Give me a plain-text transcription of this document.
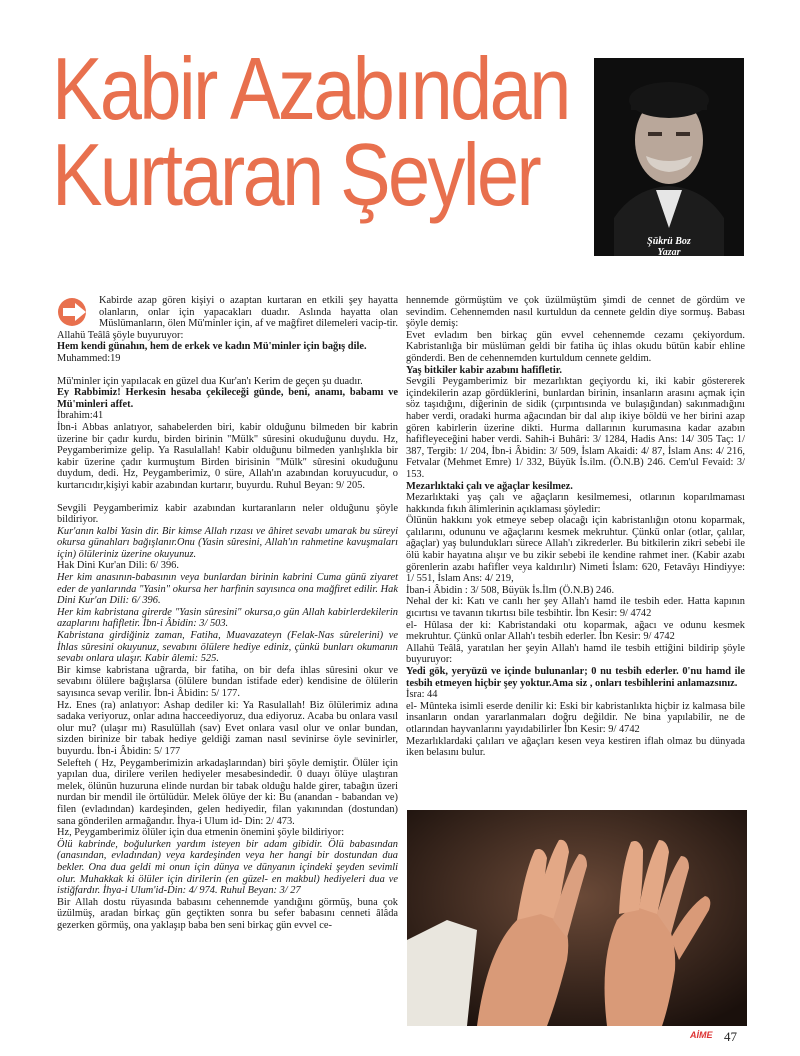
Kabir Azabından
Kurtaran Şeyler
Şükrü Boz
Yazar

Kabirde azap gören kişiyi o azaptan kurtaran en etkili şey hayatta olanların, onlar için yapacakları duadır. Aslında hayatta olan Müslümanların, ölen Mü'minler için, af ve mağfiret dilemeleri vacip-tir. Allahü Teâlâ şöyle buyuruyor:

Hem kendi günahın, hem de erkek ve kadın Mü'minler için bağış dile.

Muhammed:19

Mü'minler için yapılacak en güzel dua Kur'an'ı Kerim de geçen şu duadır.

Ey Rabbimiz! Herkesin hesaba çekileceği günde, beni, anamı, babamı ve Mü'minleri affet.

İbrahim:41

İbn-i Abbas anlatıyor, sahabelerden biri, kabir olduğunu bilmeden bir kabrin üzerine bir çadır kurdu, birden birinin "Mülk" sûresini okuduğunu duydu. Hz, Peygamberimize gelip. Ya Rasulallah! Kabir olduğunu bilmeden yanlışlıkla bir kabir üzerine çadır kurmuştum Birden birisinin "Mülk" sûresini okuduğunu duydum, dedi. Hz, Peygamberimiz, 0 süre, Allah'ın azabından koruyucudur, o kurtarıcıdır,kişiyi kabir azabından kurtarır, buyurdu. Ruhul Beyan: 9/ 205.

Sevgili Peygamberimiz kabir azabından kurtaranların neler olduğunu şöyle bildiriyor.

Kur'anın kalbi Yasin dir. Bir kimse Allah rızası ve âhiret sevabı umarak bu süreyi okursa günahları bağışlanır.Onu (Yasin sûresini, Allah'ın rahmetine kavuşmaları için) ölüleriniz üzerine okuyunuz.

Hak Dini Kur'an Dili: 6/ 396.

Her kim anasının-babasının veya bunlardan birinin kabrini Cuma günü ziyaret eder de yanlarında "Yasin" okursa her harfinin sayısınca ona mağfiret edilir. Hak Dini Kur'an Dili: 6/ 396.

Her kim kabristana girerde "Yasin sûresini" okursa,o gün Allah kabirlerdekilerin azaplarını hafifletir. İbn-i Âbidin: 3/ 503.

Kabristana girdiğiniz zaman, Fatiha, Muavazateyn (Felak-Nas sûrelerini) ve İhlas sûresini okuyunuz, sevabını ölülere hediye ediniz, çünkü bunları okumanın sevabı onlara ulaşır. Kabir âlemi: 525.

Bir kimse kabristana uğrarda, bir fatiha, on bir defa ihlas sûresini okur ve sevabını ölülere bağışlarsa (ölülere bundan istifade eder) kendisine de ölülerin sayısınca sevap verilir. İbn-i Âbidin: 5/ 177.

Hz. Enes (ra) anlatıyor: Ashap dediler ki: Ya Rasulallah! Biz ölülerimiz adına sadaka veriyoruz, onlar adına hacceediyoruz, dua ediyoruz. Acaba bu onlara vasıl olur mu? (ulaşır mı) Rasulüllah (sav) Evet onlara vasıl olur ve onlar bundan, sizden birinize bir tabak hediye geldiği zaman nasıl sevinirse öyle sevinirler, buyurdu. İbn-i Âbidin: 5/ 177

Selefteh ( Hz, Peygamberimizin arkadaşlarından) biri şöyle demiştir. Ölüler için yapılan dua, dirilere verilen hediyeler mesabesindedir. 0 duayı ölüye ulaştıran melek, ölünün huzuruna elinde nurdan bir tabak olduğu halde girer, tabağın üzeri nurdan bir mendil ile örtülüdür. Melek ölüye der ki: Bu (anandan - babandan ve) filen (evladından) kardeşinden, gelen hediyedir, filan yakınından (dostundan) sana gönderilen armağandır. İhya-i Ulum id- Din: 2/ 473.

Hz, Peygamberimiz ölüler için dua etmenin önemini şöyle bildiriyor:

Ölü kabrinde, boğulurken yardım isteyen bir adam gibidir. Ölü babasından (anasından, evladından) veya kardeşinden veya her hangi bir dostundan dua bekler. Ona dua geldi mi onun için dünya ve dünyanın içindeki şeyden sevimli olur. Muhakkak ki ölüler için dirilerin (en güzel- en makbul) hediyeleri dua ve istiğfardır. İhya-i Ulum'id-Din: 4/ 974. Ruhul Beyan: 3/ 27

Bir Allah dostu rüyasında babasını cehennemde yandığını görmüş, buna çok üzülmüş, aradan birkaç gün geçtikten sonra bu sefer babasını cenneti âlâda gezerken görmüş, ona yaklaşıp baba ben seni birkaç gün evvel ce-

hennemde görmüştüm ve çok üzülmüştüm şimdi de cennet de gördüm ve sevindim. Cehennemden nasıl kurtuldun da cennete geldin diye sormuş. Babası şöyle demiş:

Evet evladım ben birkaç gün evvel cehennemde cezamı çekiyordum. Kabristanlığa bir müslüman geldi bir fatiha üç ihlas okudu bütün kabir ehline gönderdi. Ben de cehennemden kurtuldum cennete geldim.

Yaş bitkiler kabir azabını hafifletir.

Sevgili Peygamberimiz bir mezarlıktan geçiyordu ki, iki kabir göstererek içindekilerin azap gördüklerini, bunlardan birinin, insanların arasını açmak için söz taşıdığını, diğerinin de sidik (çırpıntısında ve bulaşığından) sakınmadığını haber verdi, oradaki hurma ağacından bir dal alıp ikiye böldü ve her birini azap gören kabirlerin üzerine dikti. Hurma dallarının kurumasına kadar azabın hafifleyeceğini haber verdi. Sahih-i Buhâri: 3/ 1284, Hadis Ans: 14/ 305 Taç: 1/ 387, Tergib: 1/ 204, İbn-i Âbidin: 3/ 509, İslam Akaidi: 4/ 87, İslam Ans: 4/ 216, Fetvalar (Mehmet Emre) 1/ 332, Büyük İs.ilm. (Ö.N.B) 246. Cem'ul Fevaid: 3/ 153.

Mezarlıktaki çalı ve ağaçlar kesilmez.

Mezarlıktaki yaş çalı ve ağaçların kesilmemesi, otlarının koparılmaması hakkında fıkıh âlimlerinin açıklaması şöyledir:

Ölünün hakkını yok etmeye sebep olacağı için kabristanlığın otonu koparmak, çalılarını, odununu ve ağaçlarını kesmek mekruhtur. Çünkü onlar (otlar, çalılar, ağaçlar) yaş bulundukları sürece Allah'ı zikrederler. Bu bitkilerin zikri sebebi ile ölü kabir hayatına alışır ve bu zikir sebebi ile kendine rahmet iner. (Kabir azabı görenlerin azabı hafifler veya kaldırılır) Nimeti İslam: 620, Fetavâyı Hindiyye: 1/ 551, İslam Ans: 4/ 219,

İban-i Âbidin : 3/ 508, Büyük İs.İlm (Ö.N.B) 246.

Nehal der ki: Katı ve canlı her şey Allah'ı hamd ile tesbih eder. Hatta kapının gıcırtısı ve tavanın tıkırtısı bile tesbihtir. İbn Kesir: 9/ 4742

el- Hûlasa der ki: Kabristandaki otu koparmak, ağacı ve odunu kesmek mekruhtur. Çünkü onlar Allah'ı tesbih ederler. İbn Kesir: 9/ 4742

Allahü Teâlâ, yaratılan her şeyin Allah'ı hamd ile tesbih ettiğini bildirip şöyle buyuruyor:

Yedi gök, yeryüzü ve içinde bulunanlar; 0 nu tesbih ederler. 0'nu hamd ile tesbih etmeyen hiçbir şey yoktur.Ama siz , onları tesbihlerini anlamazsınız.

İsra: 44

el- Mûnteka isimli eserde denilir ki: Eski bir kabristanlıkta hiçbir iz kalmasa bile insanların ondan yararlanmaları doğru değildir. Ne bina yapılabilir, ne de otlarından hayvanlarını yayıdabilirler İbn Kesir: 9/ 4742

Mezarlıklardaki çalıları ve ağaçları kesen veya kestiren iflah olmaz bu dünyada iken belasını bulur.

AİME 47
